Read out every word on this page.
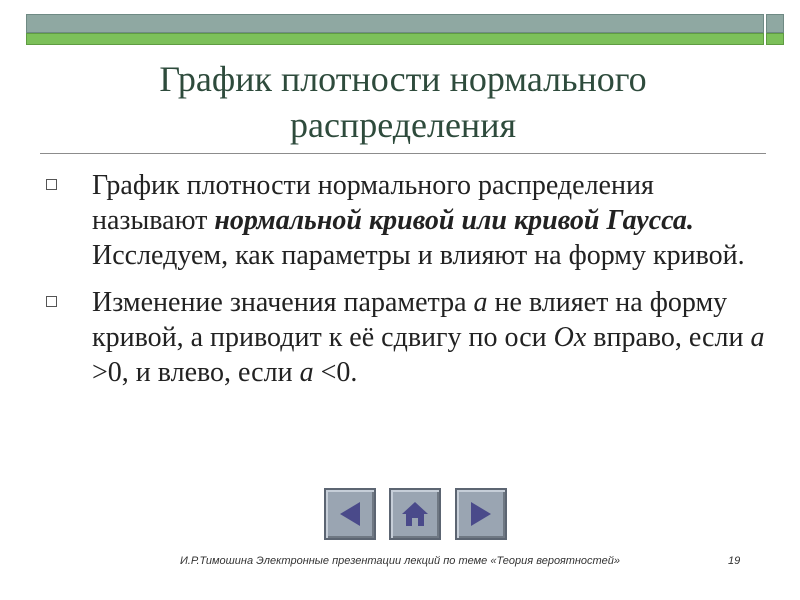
График плотности нормального
распределения
График плотности нормального распределения называют нормальной кривой или кривой Гаусса. Исследуем, как параметры и влияют на форму кривой.
Изменение значения параметра a не влияет на форму кривой, а приводит к её сдвигу по оси Ox вправо, если a >0, и влево, если a <0.
И.Р.Тимошина Электронные презентации лекций по теме «Теория вероятностей»	19
